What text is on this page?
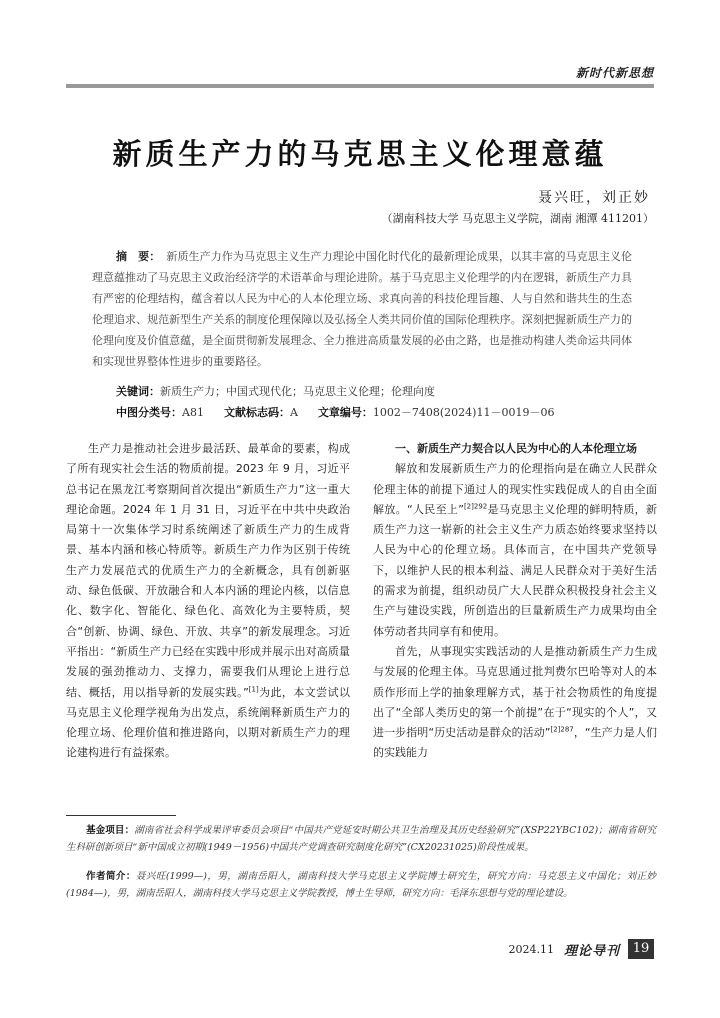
新时代新思想
新质生产力的马克思主义伦理意蕴
聂兴旺，刘正妙
（湖南科技大学 马克思主义学院，湖南 湘潭 411201）
摘　要： 新质生产力作为马克思主义生产力理论中国化时代化的最新理论成果，以其丰富的马克思主义伦理意蕴推动了马克思主义政治经济学的术语革命与理论进阶。基于马克思主义伦理学的内在逻辑，新质生产力具有严密的伦理结构，蕴含着以人民为中心的人本伦理立场、求真向善的科技伦理旨趣、人与自然和谐共生的生态伦理追求、规范新型生产关系的制度伦理保障以及弘扬全人类共同价值的国际伦理秩序。深刻把握新质生产力的伦理向度及价值意蕴，是全面贯彻新发展理念、全力推进高质量发展的必由之路，也是推动构建人类命运共同体和实现世界整体性进步的重要路径。
关键词：新质生产力；中国式现代化；马克思主义伦理；伦理向度
中图分类号：A81 文献标志码：A 文章编号：1002－7408(2024)11－0019－06

生产力是推动社会进步最活跃、最革命的要素，构成了所有现实社会生活的物质前提。2023 年 9 月，习近平总书记在黑龙江考察期间首次提出“新质生产力”这一重大理论命题。2024 年 1 月 31 日，习近平在中共中央政治局第十一次集体学习时系统阐述了新质生产力的生成背景、基本内涵和核心特质等。新质生产力作为区别于传统生产力发展范式的优质生产力的全新概念，具有创新驱动、绿色低碳、开放融合和人本内涵的理论内核，以信息化、数字化、智能化、绿色化、高效化为主要特质，契合“创新、协调、绿色、开放、共享”的新发展理念。习近平指出：“新质生产力已经在实践中形成并展示出对高质量发展的强劲推动力、支撑力，需要我们从理论上进行总结、概括，用以指导新的发展实践。”[1]为此，本文尝试以马克思主义伦理学视角为出发点，系统阐释新质生产力的伦理立场、伦理价值和推进路向，以期对新质生产力的理论建构进行有益探索。

一、新质生产力契合以人民为中心的人本伦理立场

解放和发展新质生产力的伦理指向是在确立人民群众伦理主体的前提下通过人的现实性实践促成人的自由全面解放。“人民至上”$^{[2]292}$是马克思主义伦理的鲜明特质，新质生产力这一崭新的社会主义生产力质态始终要求坚持以人民为中心的伦理立场。具体而言，在中国共产党领导下，以维护人民的根本利益、满足人民群众对于美好生活的需求为前提，组织动员广大人民群众积极投身社会主义生产与建设实践，所创造出的巨量新质生产力成果均由全体劳动者共同享有和使用。

首先，从事现实实践活动的人是推动新质生产力生成与发展的伦理主体。马克思通过批判费尔巴哈等对人的本质作形而上学的抽象理解方式，基于社会物质性的角度提出了“全部人类历史的第一个前提”在于“现实的个人”，又进一步指明“历史活动是群众的活动”$^{[2]287}$，“生产力是人们的实践能力

基金项目：湖南省社会科学成果评审委员会项目“中国共产党延安时期公共卫生治理及其历史经验研究”(XSP22YBC102)；湖南省研究生科研创新项目“新中国成立初期(1949－1956)中国共产党调查研究制度化研究”(CX20231025)阶段性成果。
作者简介：聂兴旺(1999—)，男，湖南岳阳人，湖南科技大学马克思主义学院博士研究生，研究方向：马克思主义中国化；刘正妙(1984—)，男，湖南岳阳人，湖南科技大学马克思主义学院教授，博士生导师，研究方向：毛泽东思想与党的理论建设。
2024.11 理论导刊 19
